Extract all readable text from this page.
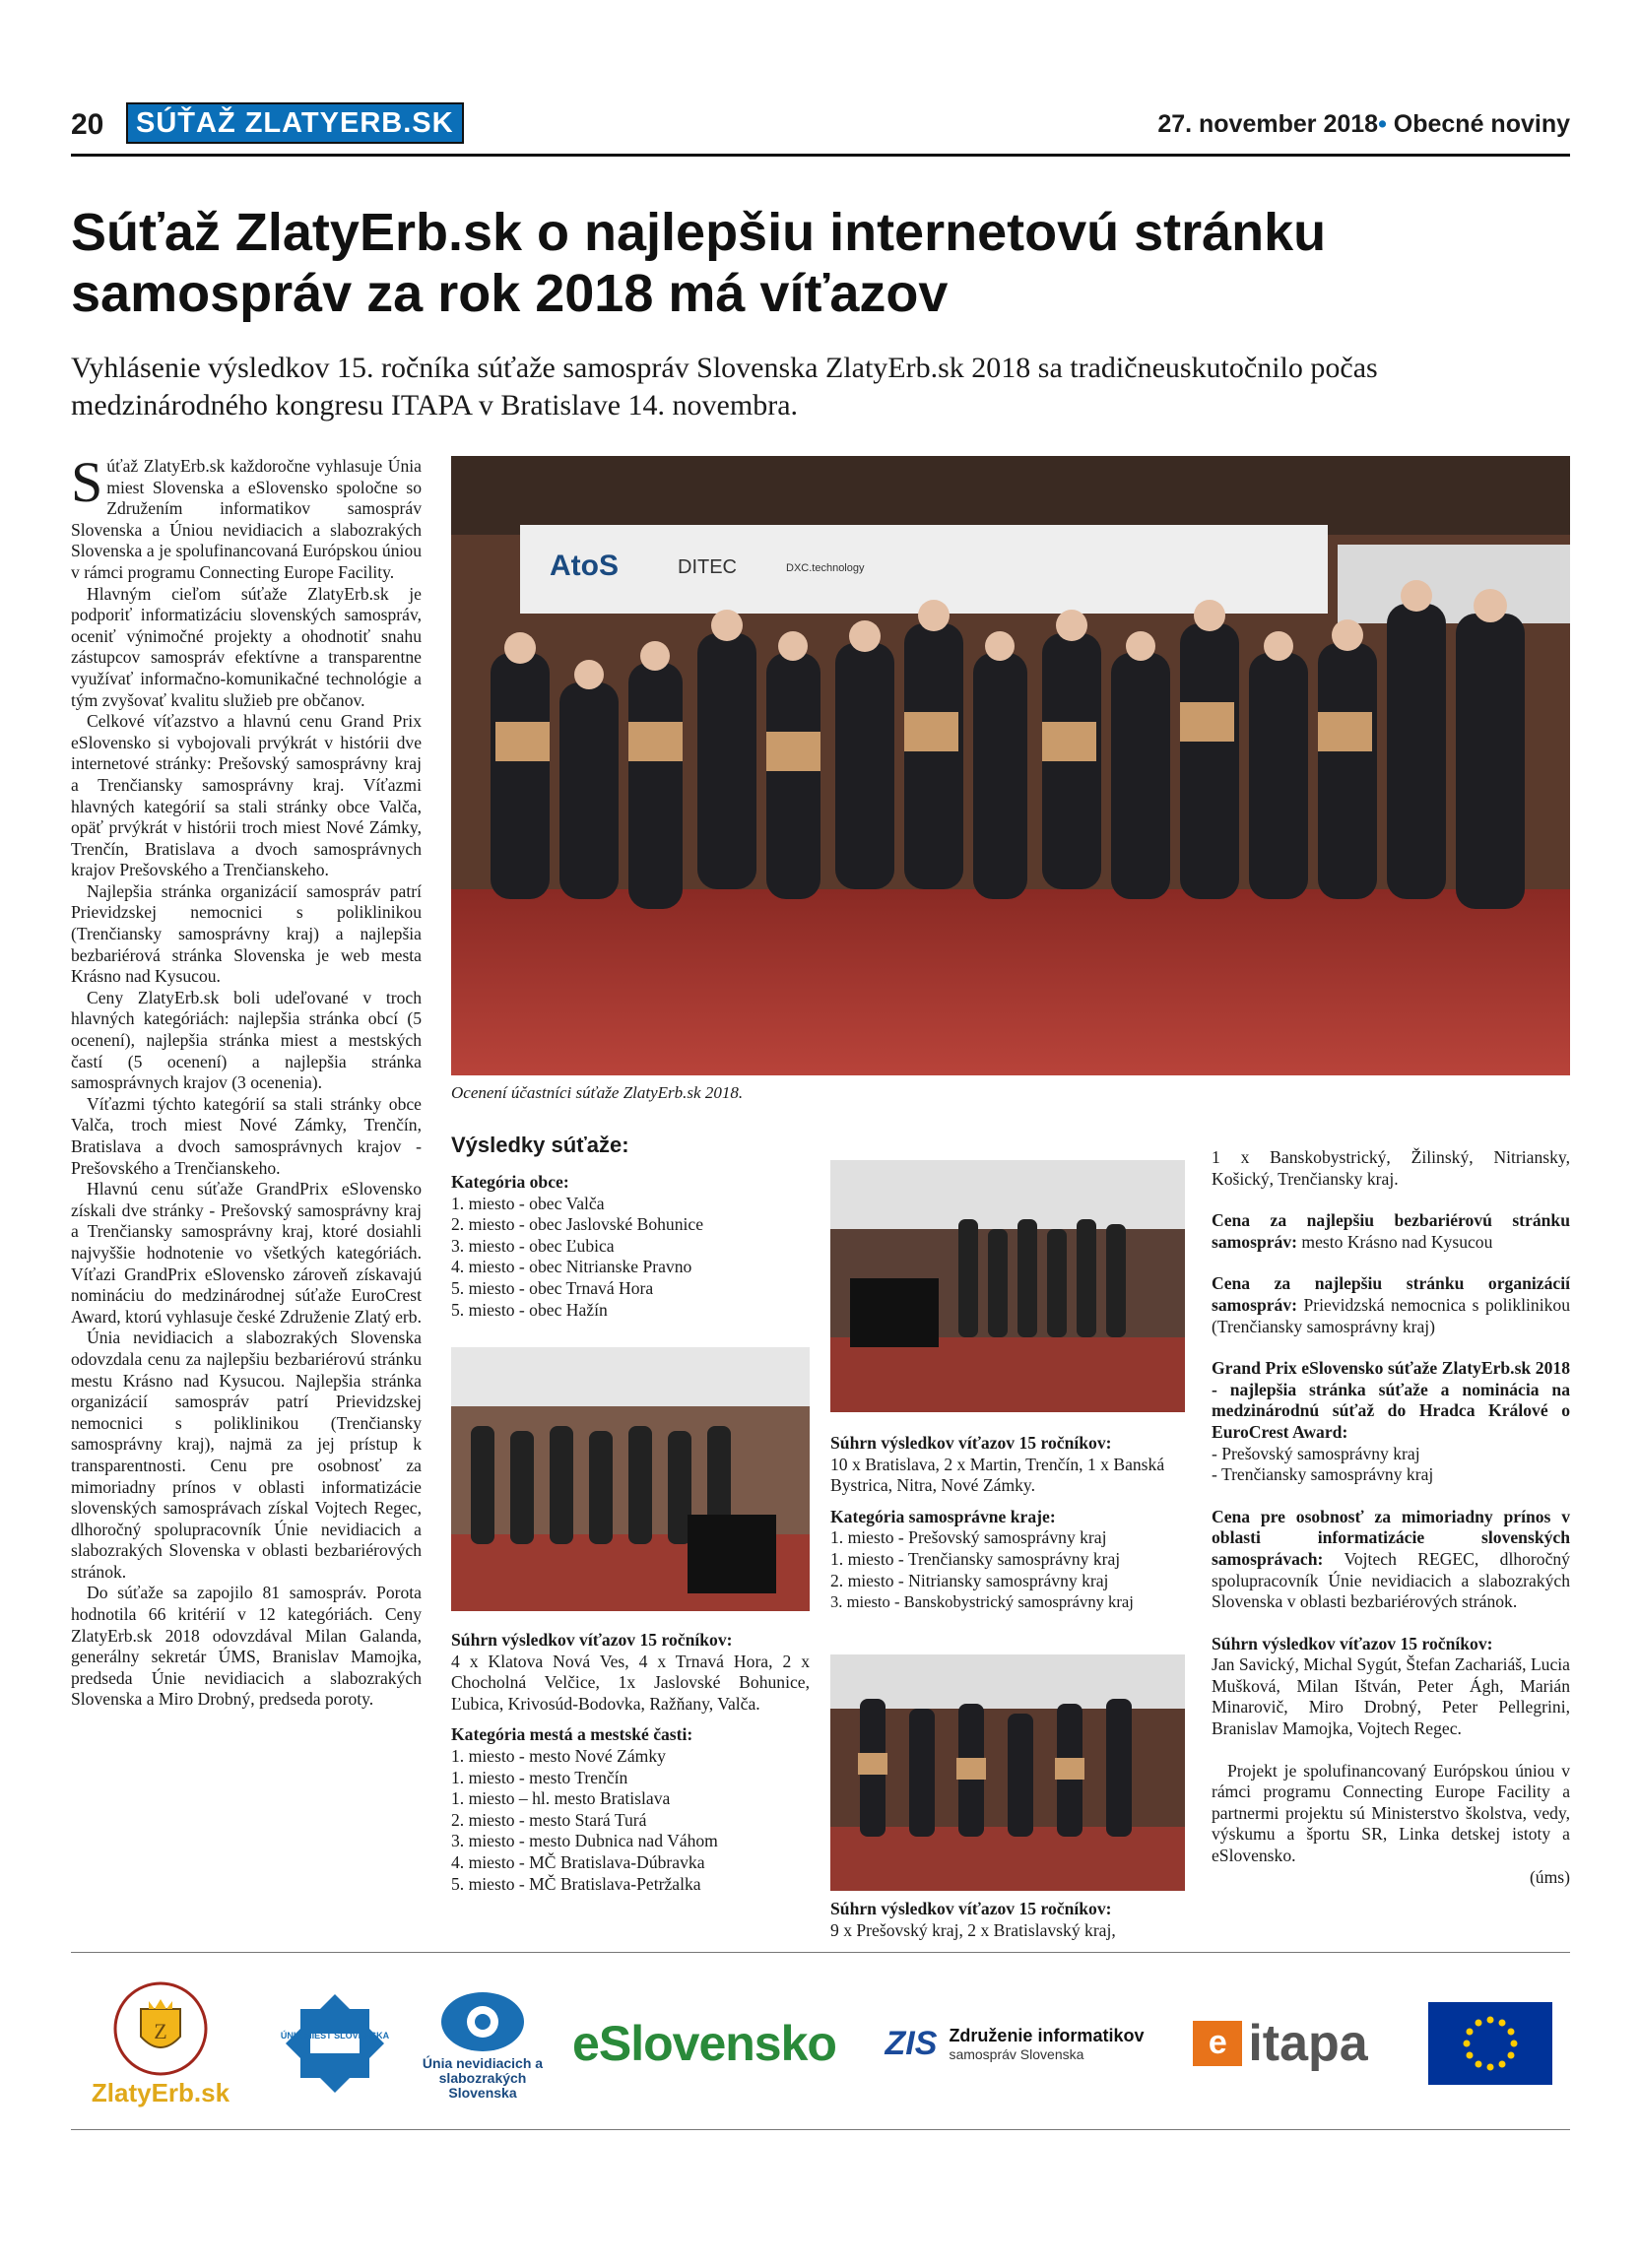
20	SÚŤAŽ ZLATYERB.SK	27. november 2018• Obecné noviny
Súťaž ZlatyErb.sk o najlepšiu internetovú stránku samospráv za rok 2018 má víťazov

Vyhlásenie výsledkov 15. ročníka súťaže samospráv Slovenska ZlatyErb.sk 2018 sa tradičneuskutočnilo počas medzinárodného kongresu ITAPA v Bratislave 14. novembra.

Súťaž ZlatyErb.sk každoročne vyhlasuje Únia miest Slovenska a eSlovensko spoločne so Združením informatikov samospráv Slovenska a Úniou nevidiacich a slabozrakých Slovenska a je spolufinancovaná Európskou úniou v rámci programu Connecting Europe Facility.

Hlavným cieľom súťaže ZlatyErb.sk je podporiť informatizáciu slovenských samospráv, oceniť výnimočné projekty a ohodnotiť snahu zástupcov samospráv efektívne a transparentne využívať informačno-komunikačné technológie a tým zvyšovať kvalitu služieb pre občanov.

Celkové víťazstvo a hlavnú cenu Grand Prix eSlovensko si vybojovali prvýkrát v histórii dve internetové stránky: Prešovský samosprávny kraj a Trenčiansky samosprávny kraj. Víťazmi hlavných kategórií sa stali stránky obce Valča, opäť prvýkrát v histórii troch miest Nové Zámky, Trenčín, Bratislava a dvoch samosprávnych krajov Prešovského a Trenčianskeho.

Najlepšia stránka organizácií samospráv patrí Prievidzskej nemocnici s poliklinikou (Trenčiansky samosprávny kraj) a najlepšia bezbariérová stránka Slovenska je web mesta Krásno nad Kysucou.

Ceny ZlatyErb.sk boli udeľované v troch hlavných kategóriách: najlepšia stránka obcí (5 ocenení), najlepšia stránka miest a mestských častí (5 ocenení) a najlepšia stránka samosprávnych krajov (3 ocenenia).

Víťazmi týchto kategórií sa stali stránky obce Valča, troch miest Nové Zámky, Trenčín, Bratislava a dvoch samosprávnych krajov - Prešovského a Trenčianskeho.

Hlavnú cenu súťaže GrandPrix eSlovensko získali dve stránky - Prešovský samosprávny kraj a Trenčiansky samosprávny kraj, ktoré dosiahli najvyššie hodnotenie vo všetkých kategóriách. Víťazi GrandPrix eSlovensko zároveň získavajú nomináciu do medzinárodnej súťaže EuroCrest Award, ktorú vyhlasuje české Združenie Zlatý erb.

Únia nevidiacich a slabozrakých Slovenska odovzdala cenu za najlepšiu bezbariérovú stránku mestu Krásno nad Kysucou. Najlepšia stránka organizácií samospráv patrí Prievidzskej nemocnici s poliklinikou (Trenčiansky samosprávny kraj), najmä za jej prístup k transparentnosti. Cenu pre osobnosť za mimoriadny prínos v oblasti informatizácie slovenských samosprávach získal Vojtech Regec, dlhoročný spolupracovník Únie nevidiacich a slabozrakých Slovenska v oblasti bezbariérových stránok.

Do súťaže sa zapojilo 81 samospráv. Porota hodnotila 66 kritérií v 12 kategóriách. Ceny ZlatyErb.sk 2018 odovzdával Milan Galanda, generálny sekretár ÚMS, Branislav Mamojka, predseda Únie nevidiacich a slabozrakých Slovenska a Miro Drobný, predseda poroty.

AtoS	DITEC	DXC.technology
Ocenení účastníci súťaže ZlatyErb.sk 2018.
Výsledky súťaže:
Kategória obce:
1. miesto - obec Valča
2. miesto - obec Jaslovské Bohunice
3. miesto - obec Ľubica
4. miesto - obec Nitrianske Pravno
5. miesto - obec Trnavá Hora
5. miesto - obec Hažín
Súhrn výsledkov víťazov 15 ročníkov:
4 x Klatova Nová Ves, 4 x Trnavá Hora, 2 x Chocholná Velčice, 1x Jaslovské Bohunice, Ľubica, Krivosúd-Bodovka, Ražňany, Valča.
Kategória mestá a mestské časti:
1. miesto - mesto Nové Zámky
1. miesto - mesto Trenčín
1. miesto – hl. mesto Bratislava
2. miesto - mesto Stará Turá
3. miesto - mesto Dubnica nad Váhom
4. miesto - MČ Bratislava-Dúbravka
5. miesto - MČ Bratislava-Petržalka
Súhrn výsledkov víťazov 15 ročníkov:
10 x Bratislava, 2 x Martin, Trenčín, 1 x Banská Bystrica, Nitra, Nové Zámky.
Kategória samosprávne kraje:
1. miesto - Prešovský samosprávny kraj
1. miesto - Trenčiansky samosprávny kraj
2. miesto - Nitriansky samosprávny kraj
3. miesto - Banskobystrický samosprávny kraj
Súhrn výsledkov víťazov 15 ročníkov:
9 x Prešovský kraj, 2 x Bratislavský kraj,
1 x Banskobystrický, Žilinský, Nitriansky, Košický, Trenčiansky kraj.
Cena za najlepšiu bezbariérovú stránku samospráv: mesto Krásno nad Kysucou
Cena za najlepšiu stránku organizácií samospráv: Prievidzská nemocnica s poliklinikou (Trenčiansky samosprávny kraj)
Grand Prix eSlovensko súťaže ZlatyErb.sk 2018 - najlepšia stránka súťaže a nominácia na medzinárodnú súťaž do Hradca Králové o EuroCrest Award:
- Prešovský samosprávny kraj
- Trenčiansky samosprávny kraj
Cena pre osobnosť za mimoriadny prínos v oblasti informatizácie slovenských samosprávach: Vojtech REGEC, dlhoročný spolupracovník Únie nevidiacich a slabozrakých Slovenska v oblasti bezbariérových stránok.
Súhrn výsledkov víťazov 15 ročníkov:
Jan Savický, Michal Sygút, Štefan Zachariáš, Lucia Mušková, Milan Ištván, Peter Ágh, Marián Minarovič, Miro Drobný, Peter Pellegrini, Branislav Mamojka, Vojtech Regec.
Projekt je spolufinancovaný Európskou úniou v rámci programu Connecting Europe Facility a partnermi projektu sú Ministerstvo školstva, vedy, výskumu a športu SR, Linka detskej istoty a eSlovensko.
(úms)
Z
ZlatyErb.sk
ÚNIA MIEST SLOVENSKA
Únia nevidiacich a slabozrakých Slovenska
eSlovensko ZIS Združenie informatikov
samospráv Slovenska	e itapa
